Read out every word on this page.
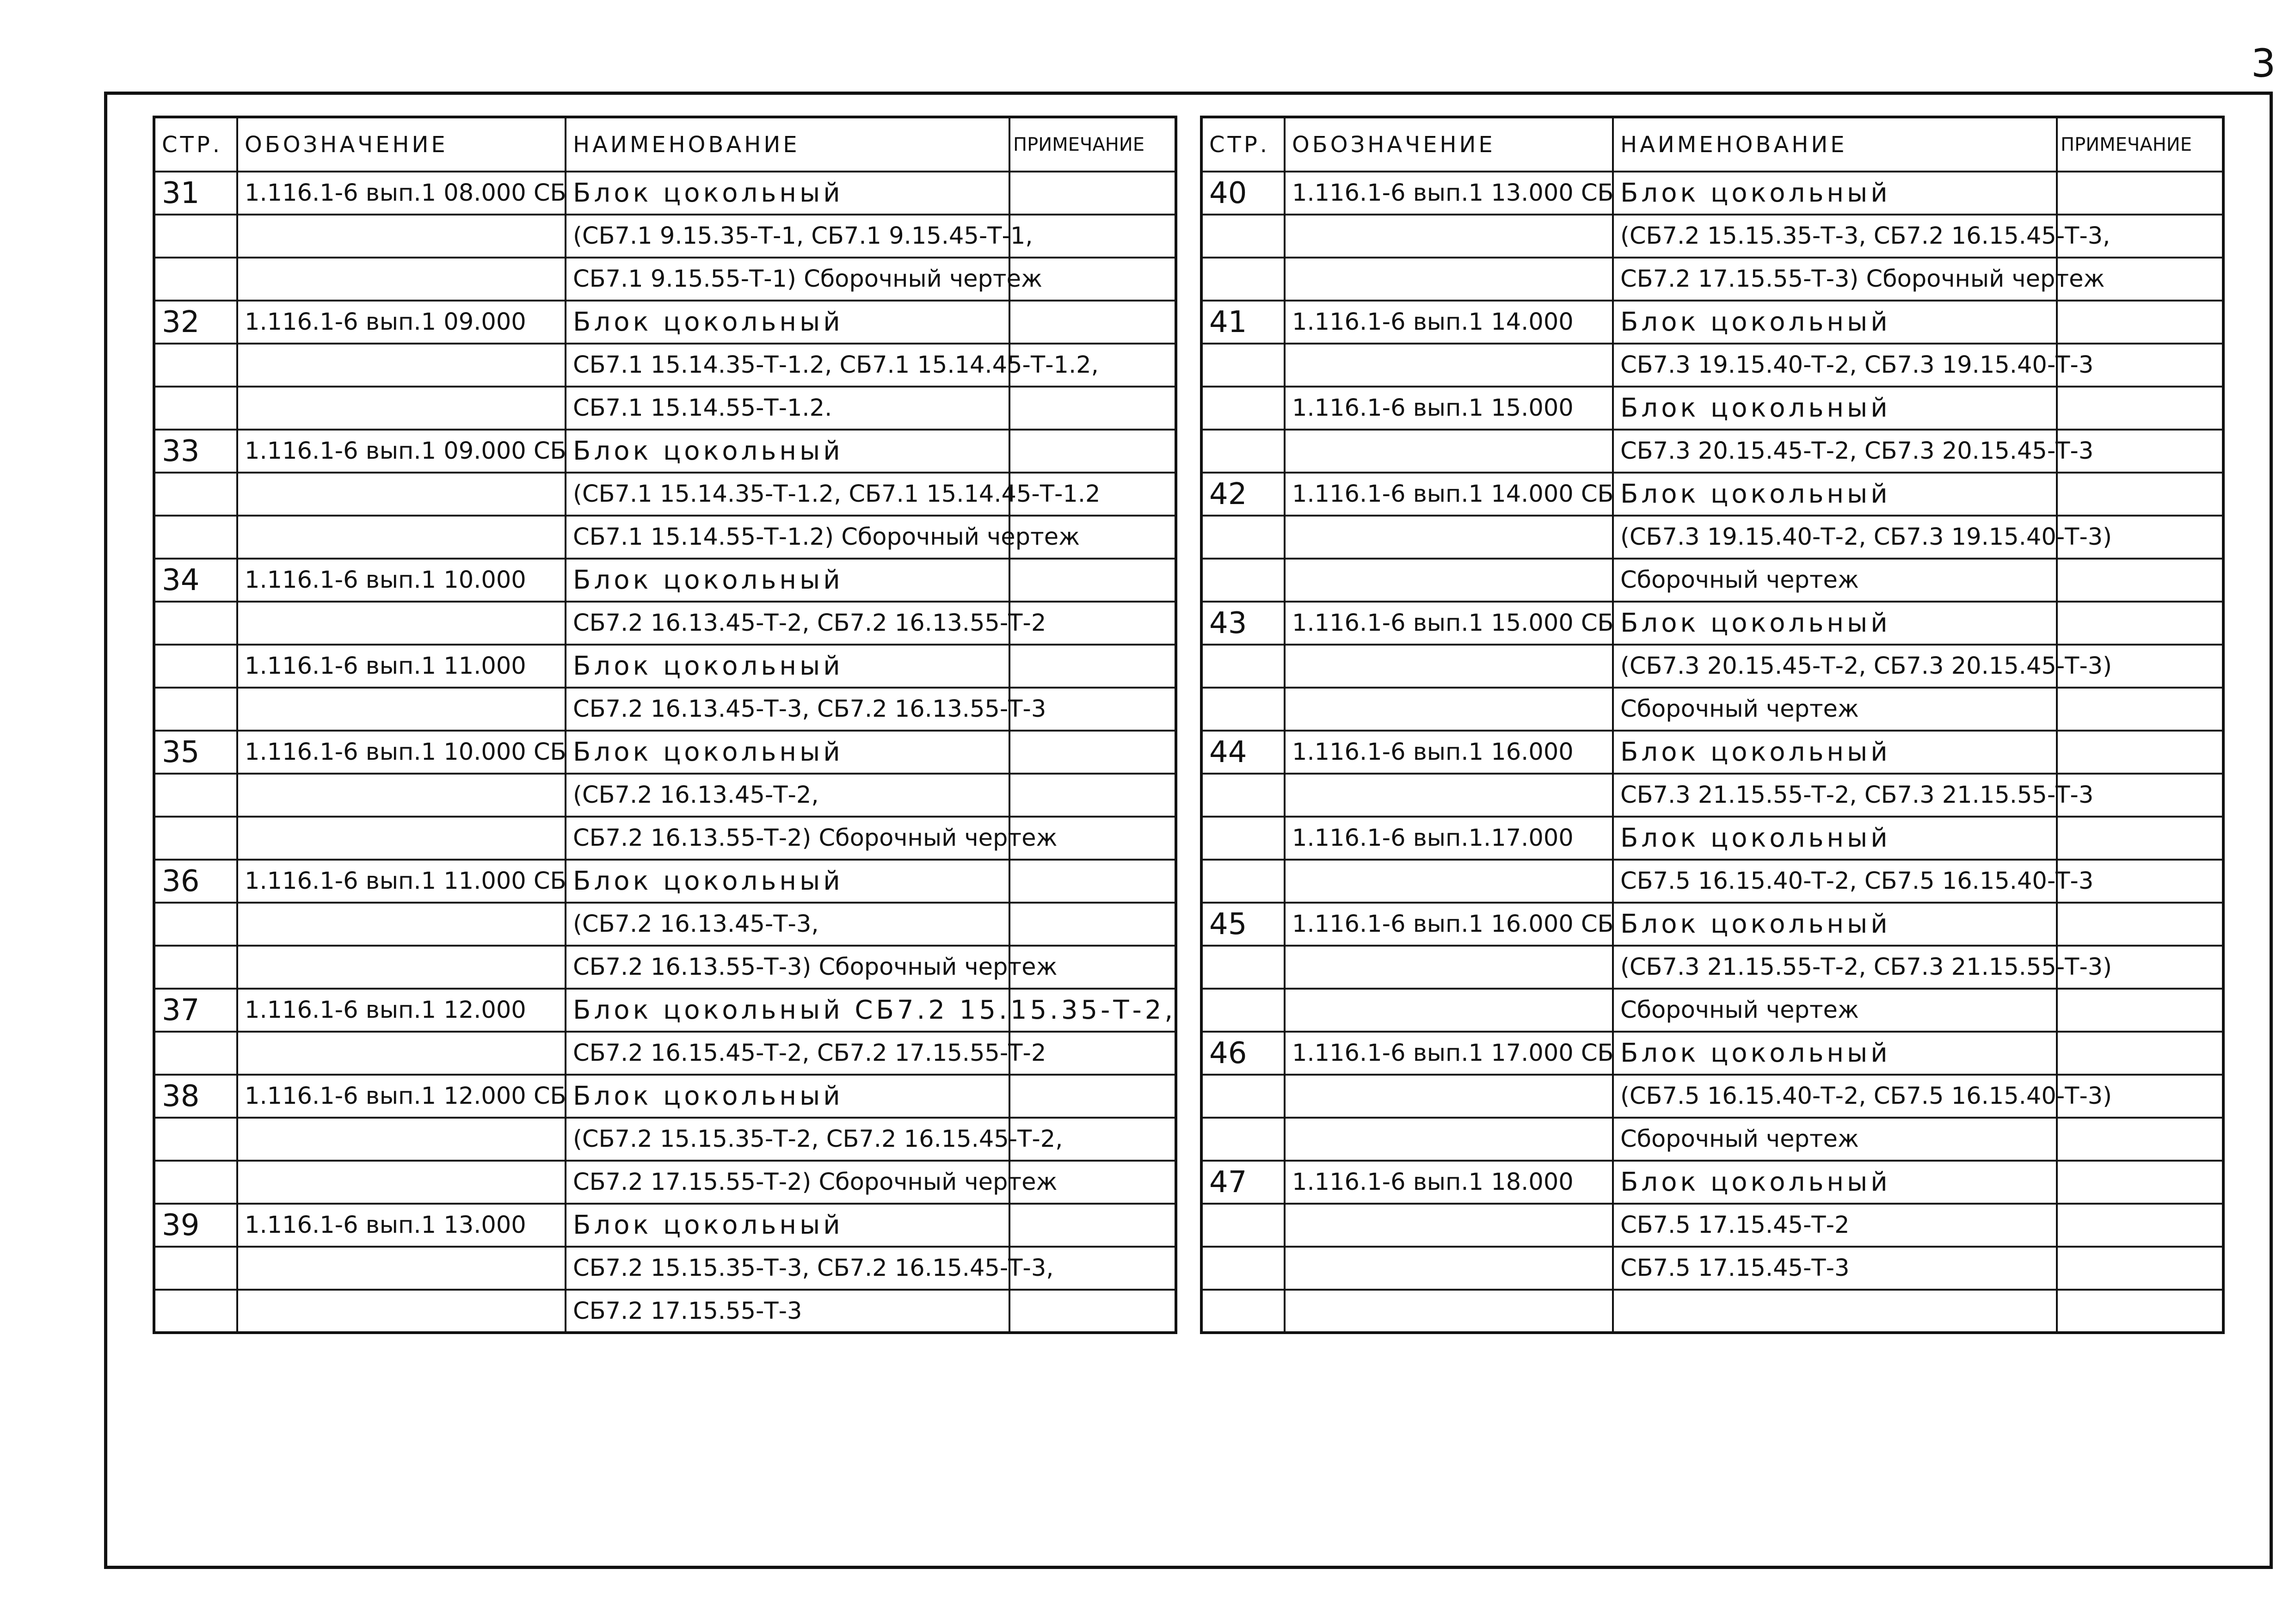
3
СТР.	ОБОЗНАЧЕНИЕ	НАИМЕНОВАНИЕ	ПРИМЕЧАНИЕ
31	1.116.1-6 вып.1 08.000 СБ	Блок цокольный	
		(СБ7.1 9.15.35-Т-1, СБ7.1 9.15.45-Т-1,	
		СБ7.1 9.15.55-Т-1) Сборочный чертеж	
32	1.116.1-6 вып.1 09.000	Блок цокольный	
		СБ7.1 15.14.35-Т-1.2, СБ7.1 15.14.45-Т-1.2,	
		СБ7.1 15.14.55-Т-1.2.	
33	1.116.1-6 вып.1 09.000 СБ	Блок цокольный	
		(СБ7.1 15.14.35-Т-1.2, СБ7.1 15.14.45-Т-1.2	
		СБ7.1 15.14.55-Т-1.2) Сборочный чертеж	
34	1.116.1-6 вып.1 10.000	Блок цокольный	
		СБ7.2 16.13.45-Т-2, СБ7.2 16.13.55-Т-2	
	1.116.1-6 вып.1 11.000	Блок цокольный	
		СБ7.2 16.13.45-Т-3, СБ7.2 16.13.55-Т-3	
35	1.116.1-6 вып.1 10.000 СБ	Блок цокольный	
		(СБ7.2 16.13.45-Т-2,	
		СБ7.2 16.13.55-Т-2) Сборочный чертеж	
36	1.116.1-6 вып.1 11.000 СБ	Блок цокольный	
		(СБ7.2 16.13.45-Т-3,	
		СБ7.2 16.13.55-Т-3) Сборочный чертеж	
37	1.116.1-6 вып.1 12.000	Блок цокольный СБ7.2 15.15.35-Т-2,	
		СБ7.2 16.15.45-Т-2, СБ7.2 17.15.55-Т-2	
38	1.116.1-6 вып.1 12.000 СБ	Блок цокольный	
		(СБ7.2 15.15.35-Т-2, СБ7.2 16.15.45-Т-2,	
		СБ7.2 17.15.55-Т-2) Сборочный чертеж	
39	1.116.1-6 вып.1 13.000	Блок цокольный	
		СБ7.2 15.15.35-Т-3, СБ7.2 16.15.45-Т-3,	
		СБ7.2 17.15.55-Т-3	
СТР.	ОБОЗНАЧЕНИЕ	НАИМЕНОВАНИЕ	ПРИМЕЧАНИЕ
40	1.116.1-6 вып.1 13.000 СБ	Блок цокольный	
		(СБ7.2 15.15.35-Т-3, СБ7.2 16.15.45-Т-3,	
		СБ7.2 17.15.55-Т-3) Сборочный чертеж	
41	1.116.1-6 вып.1 14.000	Блок цокольный	
		СБ7.3 19.15.40-Т-2, СБ7.3 19.15.40-Т-3	
	1.116.1-6 вып.1 15.000	Блок цокольный	
		СБ7.3 20.15.45-Т-2, СБ7.3 20.15.45-Т-3	
42	1.116.1-6 вып.1 14.000 СБ	Блок цокольный	
		(СБ7.3 19.15.40-Т-2, СБ7.3 19.15.40-Т-3)	
		Сборочный чертеж	
43	1.116.1-6 вып.1 15.000 СБ	Блок цокольный	
		(СБ7.3 20.15.45-Т-2, СБ7.3 20.15.45-Т-3)	
		Сборочный чертеж	
44	1.116.1-6 вып.1 16.000	Блок цокольный	
		СБ7.3 21.15.55-Т-2, СБ7.3 21.15.55-Т-3	
	1.116.1-6 вып.1.17.000	Блок цокольный	
		СБ7.5 16.15.40-Т-2, СБ7.5 16.15.40-Т-3	
45	1.116.1-6 вып.1 16.000 СБ	Блок цокольный	
		(СБ7.3 21.15.55-Т-2, СБ7.3 21.15.55-Т-3)	
		Сборочный чертеж	
46	1.116.1-6 вып.1 17.000 СБ	Блок цокольный	
		(СБ7.5 16.15.40-Т-2, СБ7.5 16.15.40-Т-3)	
		Сборочный чертеж	
47	1.116.1-6 вып.1 18.000	Блок цокольный	
		СБ7.5 17.15.45-Т-2	
		СБ7.5 17.15.45-Т-3	
